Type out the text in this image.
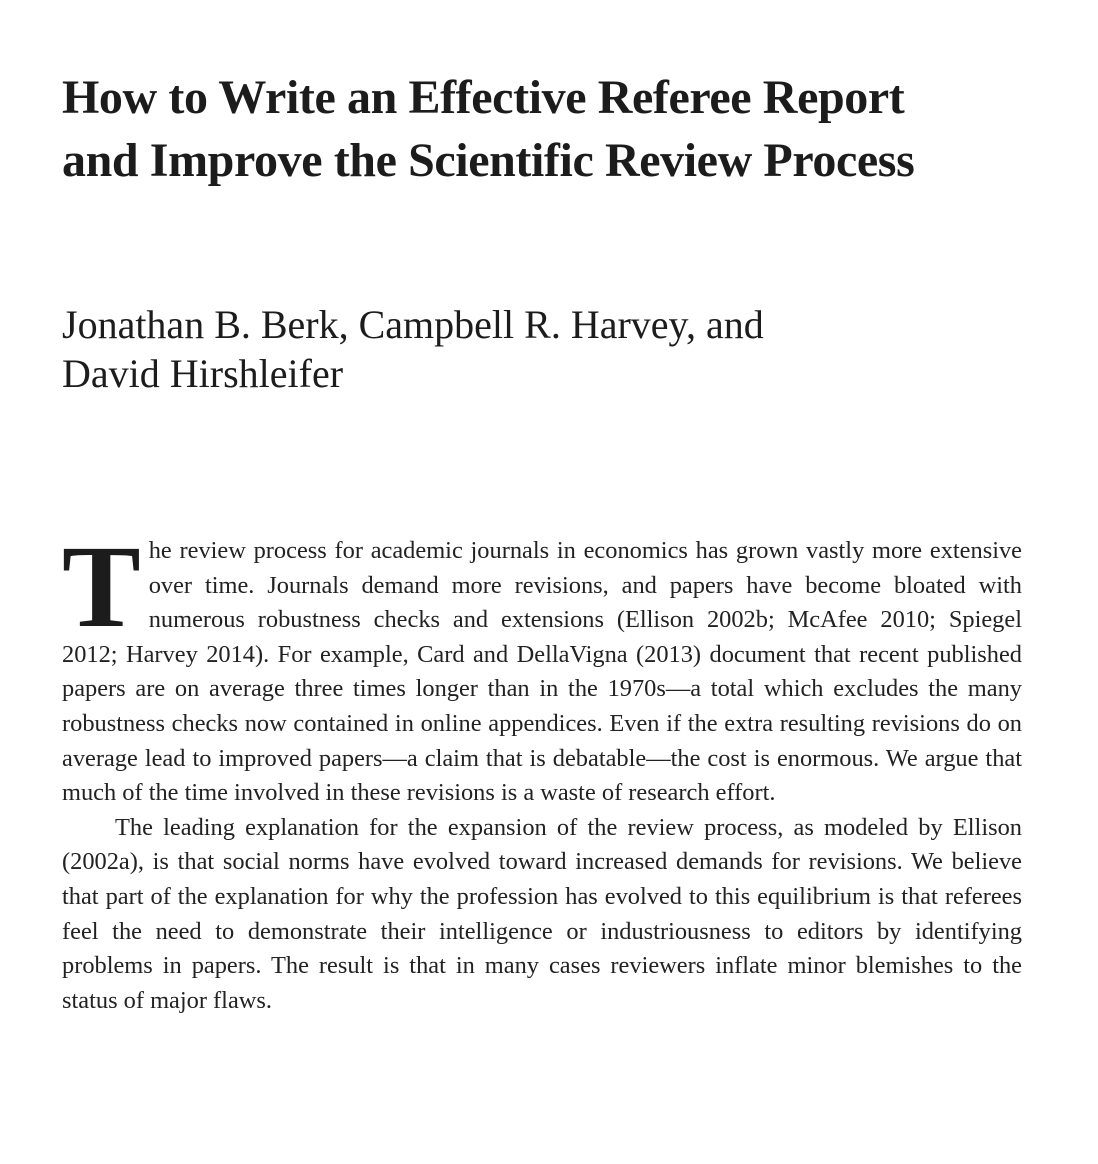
How to Write an Effective Referee Report
and Improve the Scientific Review Process
Jonathan B. Berk, Campbell R. Harvey, and
David Hirshleifer

The review process for academic journals in economics has grown vastly more extensive over time. Journals demand more revisions, and papers have become bloated with numerous robustness checks and extensions (Ellison 2002b; McAfee 2010; Spiegel 2012; Harvey 2014). For example, Card and DellaVigna (2013) document that recent published papers are on average three times longer than in the 1970s—a total which excludes the many robustness checks now contained in online appendices. Even if the extra resulting revisions do on average lead to improved papers—a claim that is debatable—the cost is enormous. We argue that much of the time involved in these revisions is a waste of research effort.

The leading explanation for the expansion of the review process, as modeled by Ellison (2002a), is that social norms have evolved toward increased demands for revisions. We believe that part of the explanation for why the profession has evolved to this equilibrium is that referees feel the need to demonstrate their intelligence or industriousness to editors by identifying problems in papers. The result is that in many cases reviewers inflate minor blemishes to the status of major flaws.
